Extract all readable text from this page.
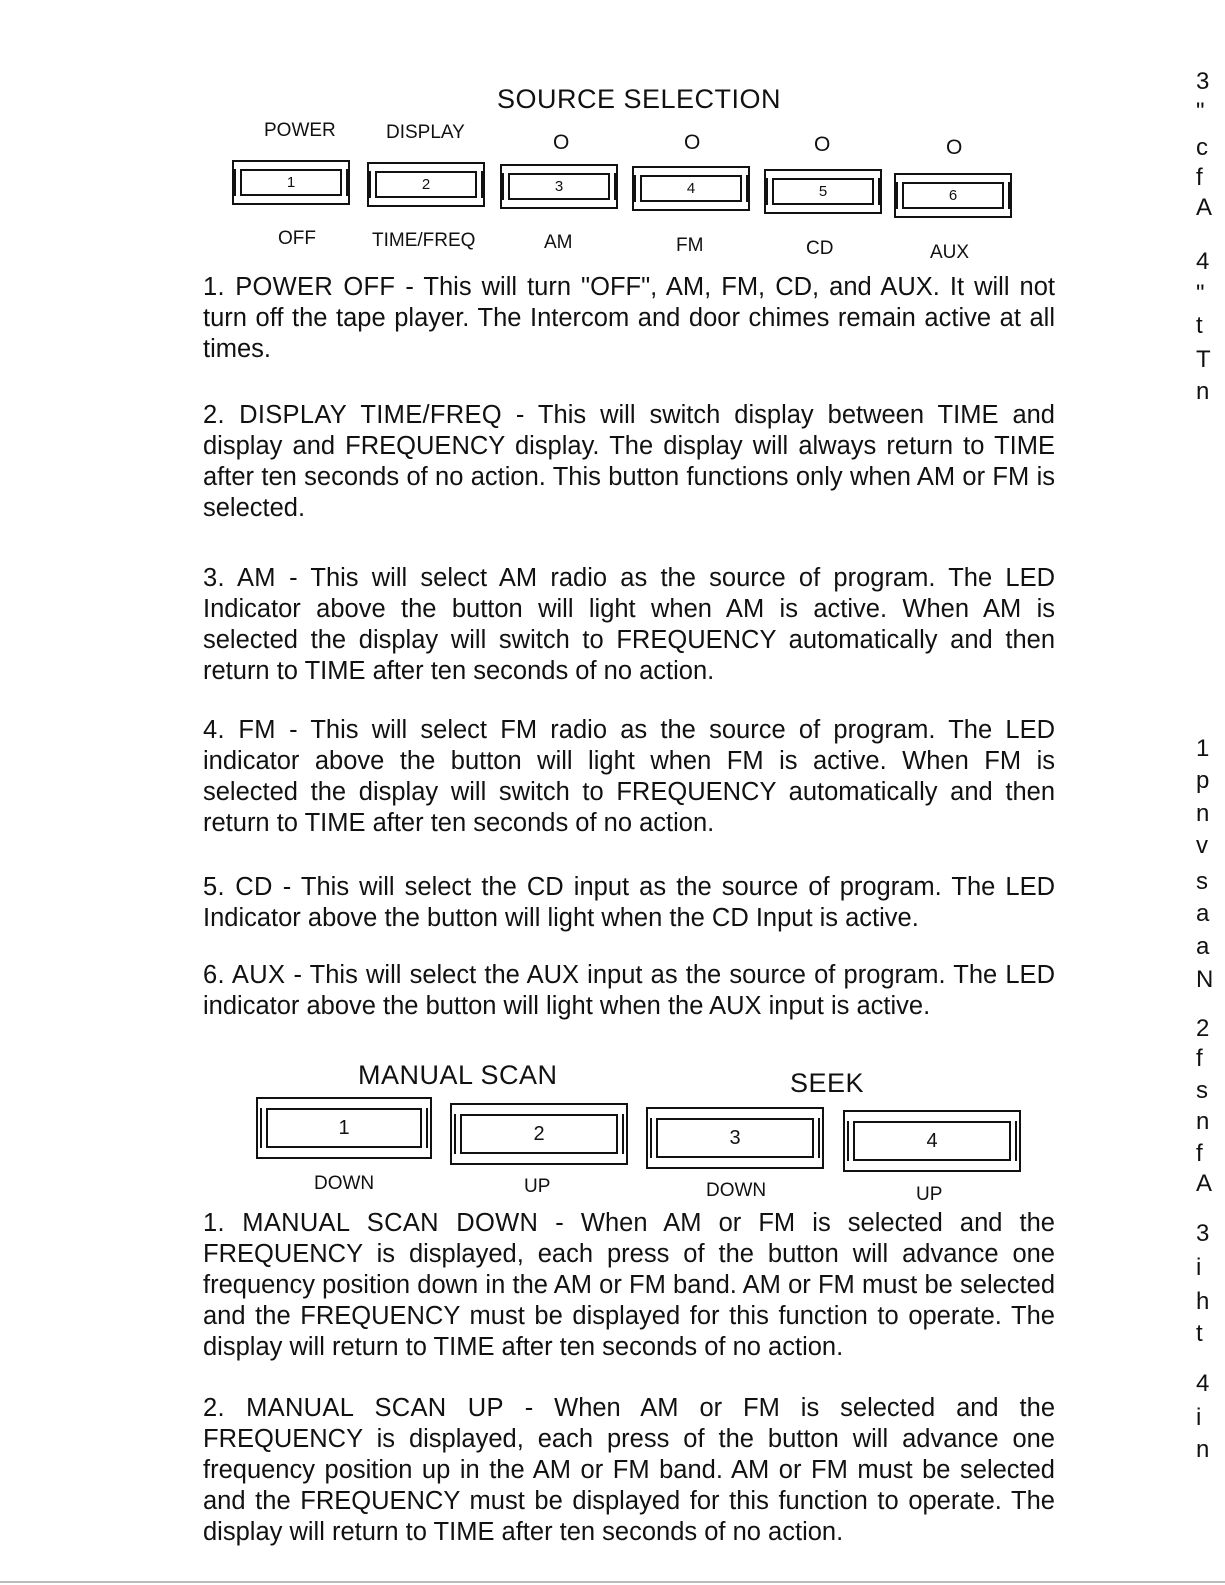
SOURCE SELECTION
POWER	DISPLAY	O	O	O	O
1	2	3	4	5	6
OFF	TIME/FREQ	AM	FM	CD	AUX

1. POWER OFF - This will turn "OFF", AM, FM, CD, and AUX. It will not turn off the tape player. The Intercom and door chimes remain active at all times.

2. DISPLAY TIME/FREQ - This will switch display between TIME and display and FREQUENCY display. The display will always return to TIME after ten seconds of no action. This button functions only when AM or FM is selected.

3. AM - This will select AM radio as the source of program. The LED Indicator above the button will light when AM is active. When AM is selected the display will switch to FREQUENCY automatically and then return to TIME after ten seconds of no action.

4. FM - This will select FM radio as the source of program. The LED indicator above the button will light when FM is active. When FM is selected the display will switch to FREQUENCY automatically and then return to TIME after ten seconds of no action.

5. CD - This will select the CD input as the source of program. The LED Indicator above the button will light when the CD Input is active.

6. AUX - This will select the AUX input as the source of program. The LED indicator above the button will light when the AUX input is active.

MANUAL SCAN	SEEK
1	2	3	4
DOWN	UP	DOWN	UP

1. MANUAL SCAN DOWN - When AM or FM is selected and the FREQUENCY is displayed, each press of the button will advance one frequency position down in the AM or FM band. AM or FM must be selected and the FREQUENCY must be displayed for this function to operate. The display will return to TIME after ten seconds of no action.

2. MANUAL SCAN UP - When AM or FM is selected and the FREQUENCY is displayed, each press of the button will advance one frequency position up in the AM or FM band. AM or FM must be selected and the FREQUENCY must be displayed for this function to operate. The display will return to TIME after ten seconds of no action.

3
"
c
f
A
4
"
t
T
n
1
p
n
v
s
a
a
N
2
f
s
n
f
A
3
i
h
t
4
i
n
